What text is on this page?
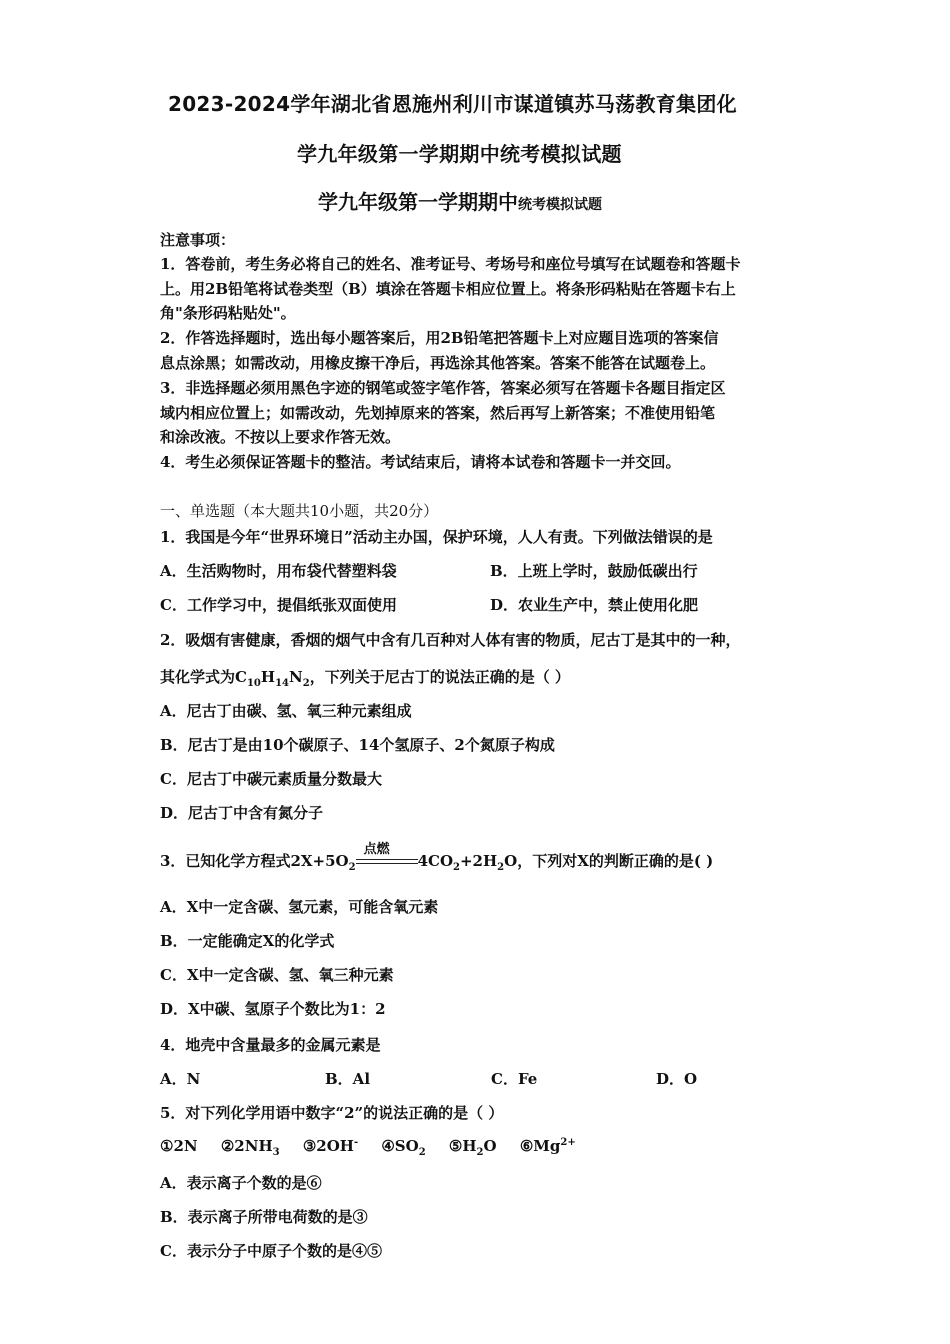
2023-2024学年湖北省恩施州利川市谋道镇苏马荡教育集团化
学九年级第一学期期中统考模拟试题
学九年级第一学期期中统考模拟试题
注意事项：
1．答卷前，考生务必将自己的姓名、准考证号、考场号和座位号填写在试题卷和答题卡
上。用2B铅笔将试卷类型（B）填涂在答题卡相应位置上。将条形码粘贴在答题卡右上
角"条形码粘贴处"。
2．作答选择题时，选出每小题答案后，用2B铅笔把答题卡上对应题目选项的答案信
息点涂黑；如需改动，用橡皮擦干净后，再选涂其他答案。答案不能答在试题卷上。
3．非选择题必须用黑色字迹的钢笔或签字笔作答，答案必须写在答题卡各题目指定区
域内相应位置上；如需改动，先划掉原来的答案，然后再写上新答案；不准使用铅笔
和涂改液。不按以上要求作答无效。
4．考生必须保证答题卡的整洁。考试结束后，请将本试卷和答题卡一并交回。
一、单选题（本大题共10小题，共20分）
1．我国是今年“世界环境日”活动主办国，保护环境，人人有责。下列做法错误的是
A．生活购物时，用布袋代替塑料袋	B．上班上学时，鼓励低碳出行
C．工作学习中，提倡纸张双面使用	D．农业生产中，禁止使用化肥
2．吸烟有害健康，香烟的烟气中含有几百种对人体有害的物质，尼古丁是其中的一种，
其化学式为$C_{10}H_{14}N_2$，下列关于尼古丁的说法正确的是（ ）
A．尼古丁由碳、氢、氧三种元素组成
B．尼古丁是由10个碳原子、14个氢原子、2个氮原子构成
C．尼古丁中碳元素质量分数最大
D．尼古丁中含有氮分子
3．已知化学方程式$2X+5O_2$
点燃
$4CO_2+2H_2O$，下列对X的判断正确的是( )
A．X中一定含碳、氢元素，可能含氧元素
B．一定能确定X的化学式
C．X中一定含碳、氢、氧三种元素
D．X中碳、氢原子个数比为1：2
4．地壳中含量最多的金属元素是
A．N	B．Al	C．Fe	D．O
5．对下列化学用语中数字“2”的说法正确的是（ ）
①2N $②2NH_3$ ③2OH- $④SO_2$ $⑤H_2O$ $⑥Mg^{2+}$
A．表示离子个数的是⑥
B．表示离子所带电荷数的是③
C．表示分子中原子个数的是④⑤
